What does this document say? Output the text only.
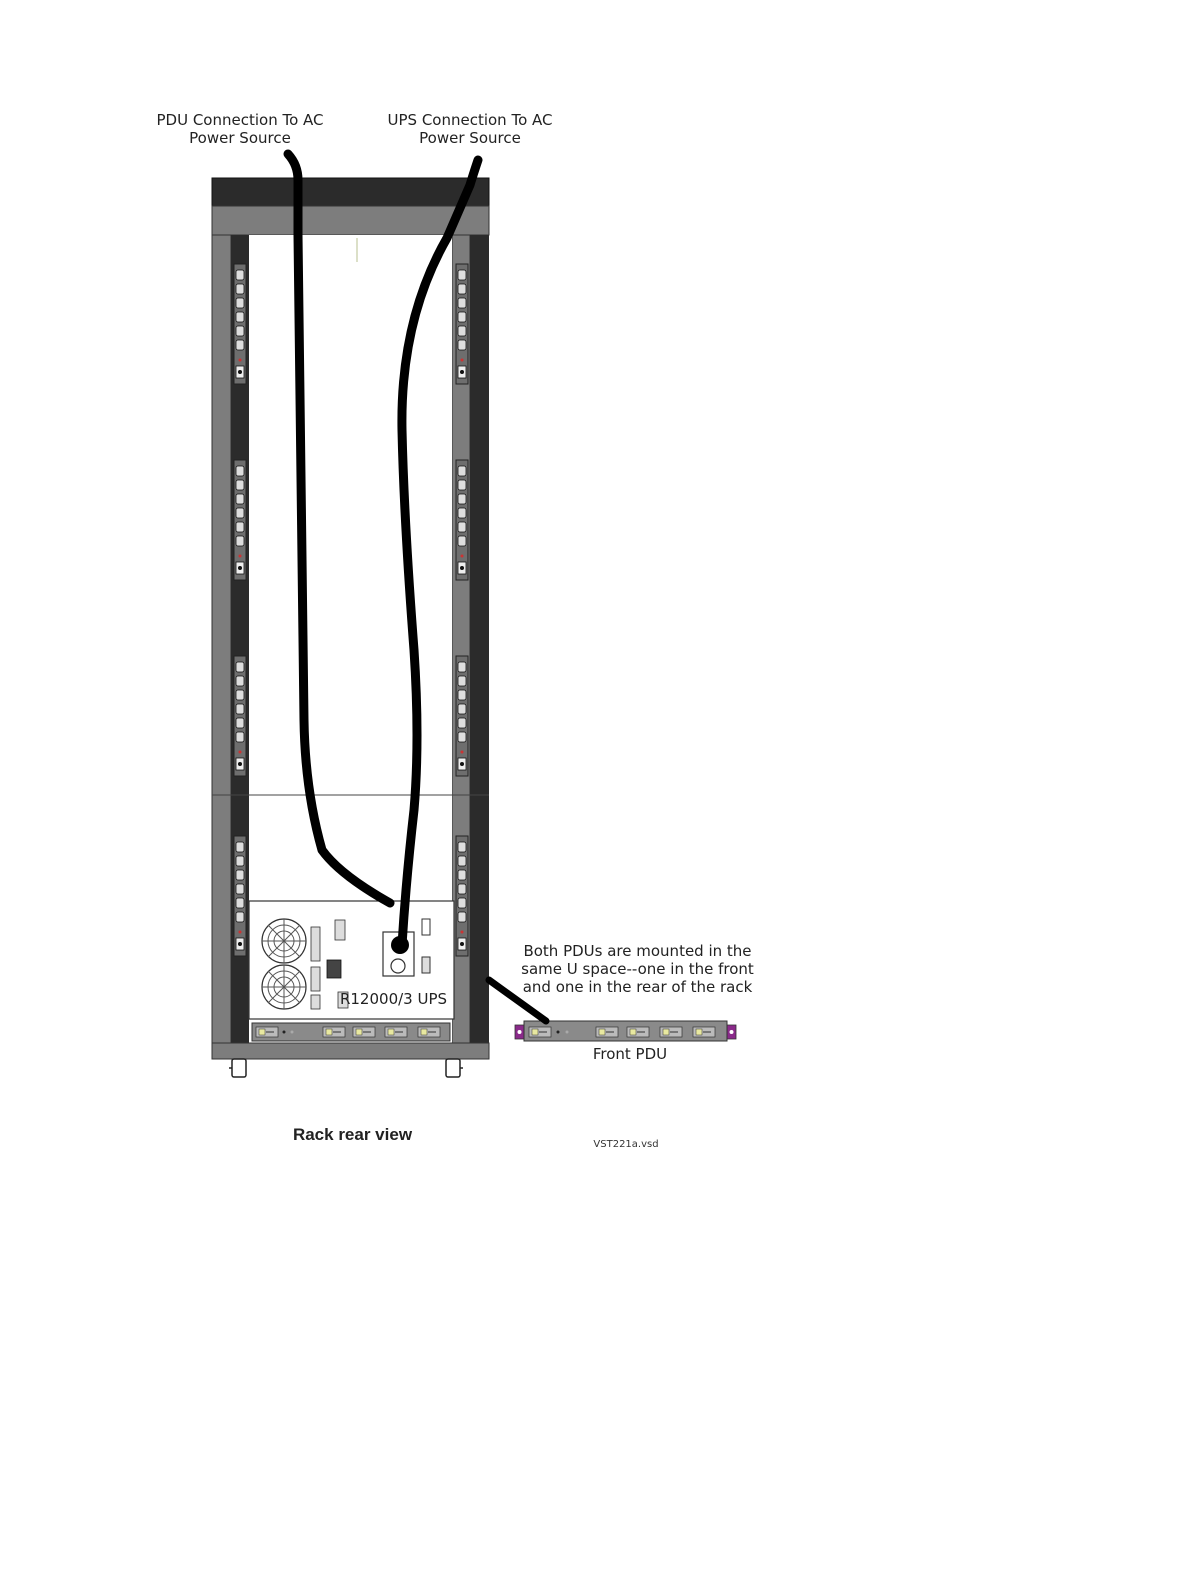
PDU Connection To AC
Power Source
UPS Connection To AC
Power Source
R12000/3 UPS
Both PDUs are mounted in the
same U space--one in the front
and one in the rear of the rack
Front PDU
Rack rear view
VST221a.vsd
